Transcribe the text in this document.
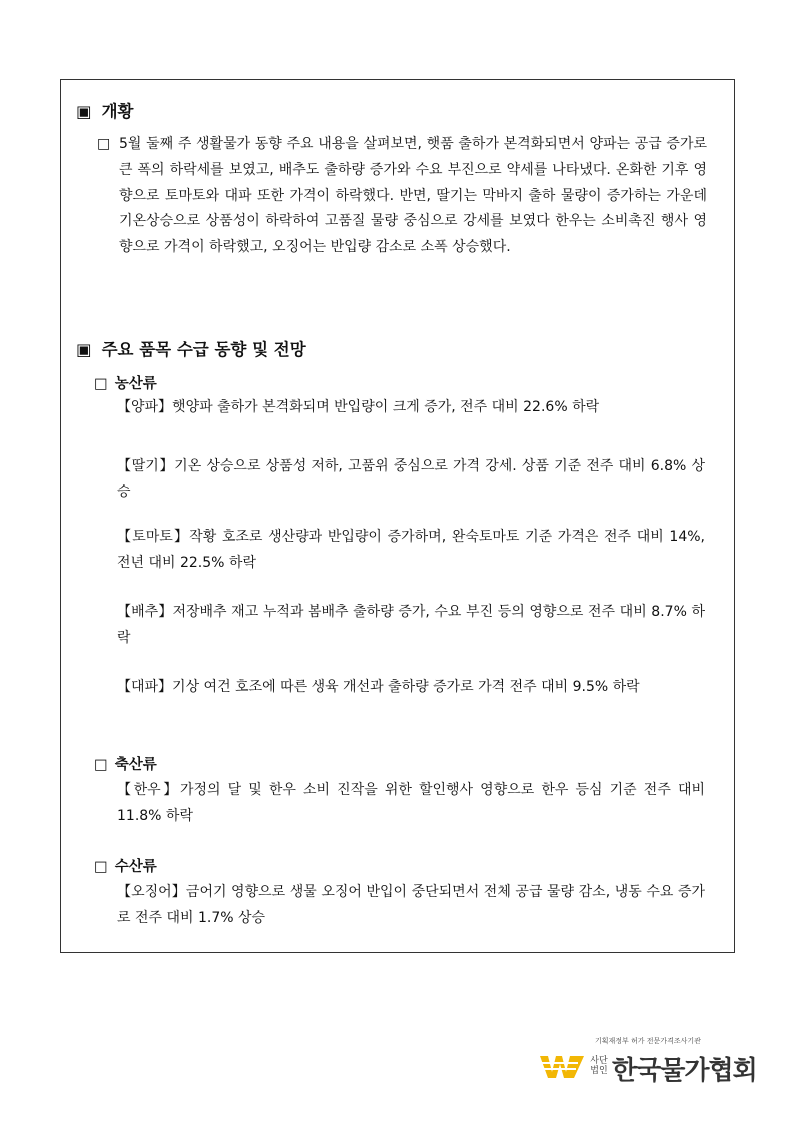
▣ 개황
□ 5월 둘째 주 생활물가 동향 주요 내용을 살펴보면, 햇품 출하가 본격화되면서 양파는 공급 증가로 큰 폭의 하락세를 보였고, 배추도 출하량 증가와 수요 부진으로 약세를 나타냈다. 온화한 기후 영향으로 토마토와 대파 또한 가격이 하락했다. 반면, 딸기는 막바지 출하 물량이 증가하는 가운데 기온상승으로 상품성이 하락하여 고품질 물량 중심으로 강세를 보였다 한우는 소비촉진 행사 영향으로 가격이 하락했고, 오징어는 반입량 감소로 소폭 상승했다.
▣ 주요 품목 수급 동향 및 전망
□ 농산류
【양파】햇양파 출하가 본격화되며 반입량이 크게 증가, 전주 대비 22.6% 하락
【딸기】기온 상승으로 상품성 저하, 고품위 중심으로 가격 강세. 상품 기준 전주 대비 6.8% 상승
【토마토】작황 호조로 생산량과 반입량이 증가하며, 완숙토마토 기준 가격은 전주 대비 14%, 전년 대비 22.5% 하락
【배추】저장배추 재고 누적과 봄배추 출하량 증가, 수요 부진 등의 영향으로 전주 대비 8.7% 하락
【대파】기상 여건 호조에 따른 생육 개선과 출하량 증가로 가격 전주 대비 9.5% 하락
□ 축산류
【한우】가정의 달 및 한우 소비 진작을 위한 할인행사 영향으로 한우 등심 기준 전주 대비 11.8% 하락
□ 수산류
【오징어】금어기 영향으로 생물 오징어 반입이 중단되면서 전체 공급 물량 감소, 냉동 수요 증가로 전주 대비 1.7% 상승
기획재정부 허가 전문가격조사기관
사단법인 한국물가협회
